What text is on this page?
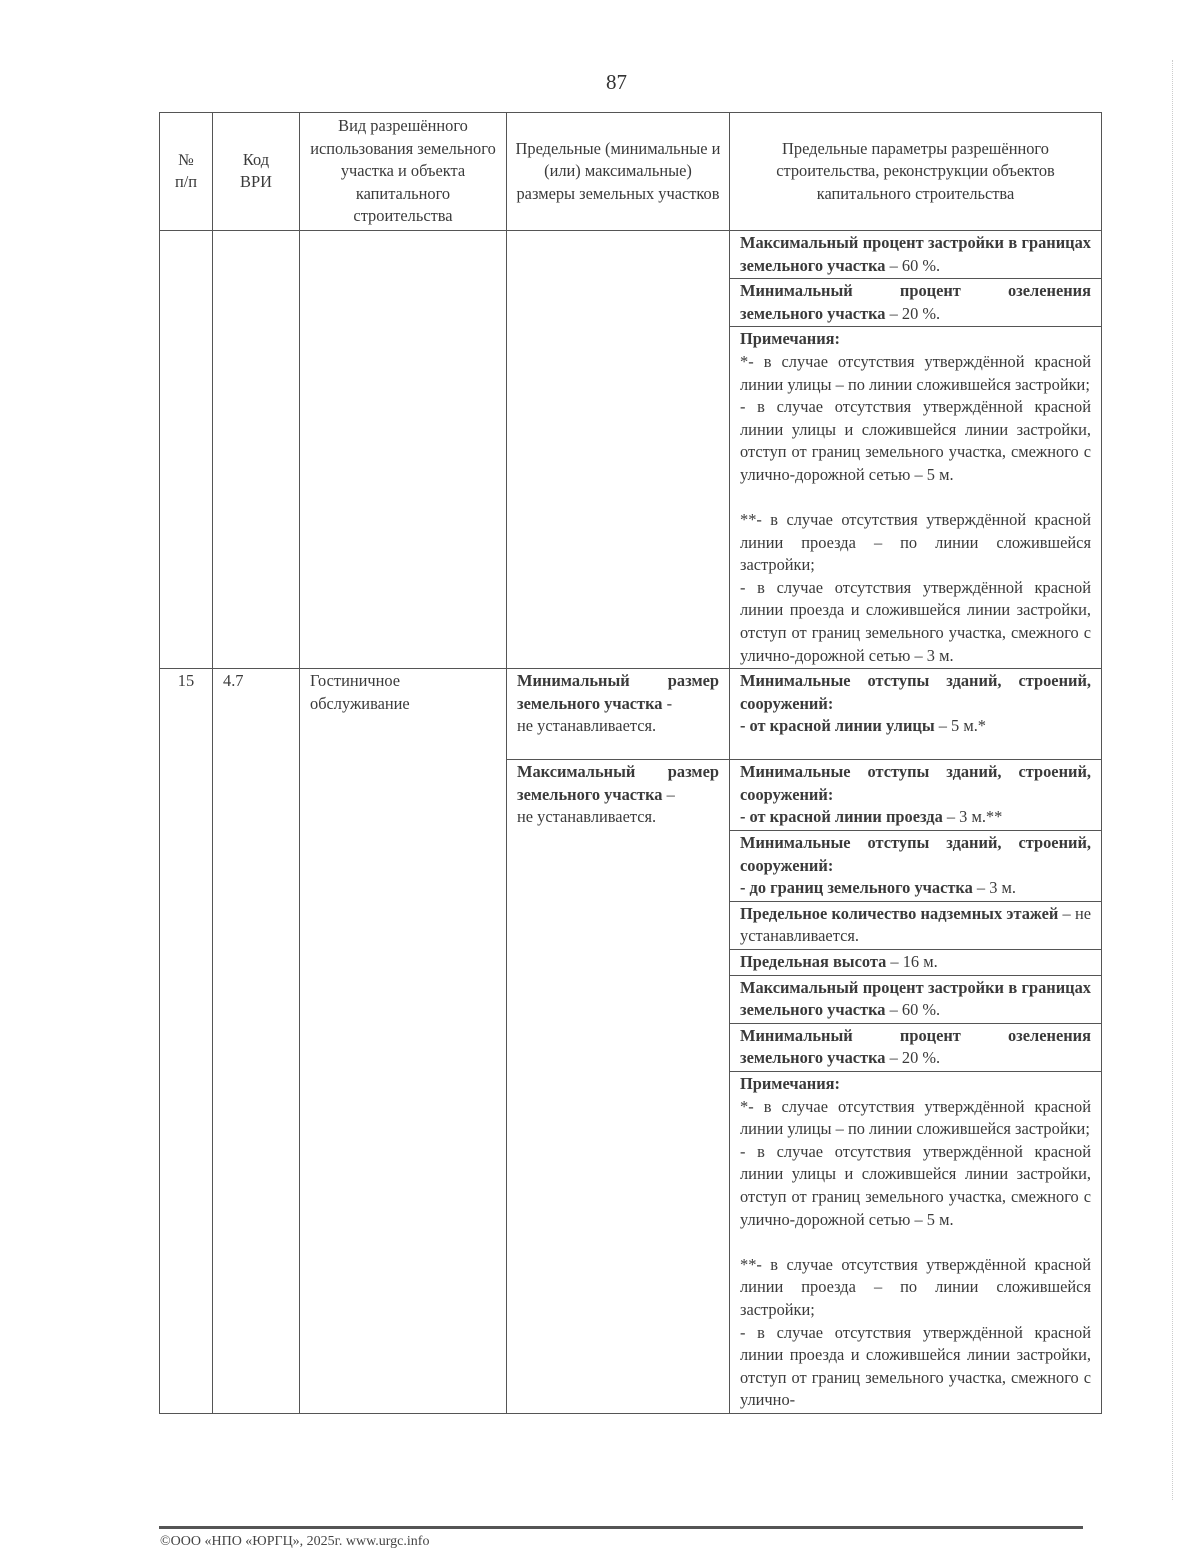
87
№ п/п	Код ВРИ	Вид разрешённого использования земельного участка и объекта капитального строительства	Предельные (минимальные и (или) максимальные) размеры земельных участков	Предельные параметры разрешённого строительства, реконструкции объектов капитального строительства
				Максимальный процент застройки в границах земельного участка – 60 %.
				Минимальный процент озеленения земельного участка – 20 %.

				Примечания:
*- в случае отсутствия утверждённой красной линии улицы – по линии сложившейся застройки;
- в случае отсутствия утверждённой красной линии улицы и сложившейся линии застройки, отступ от границ земельного участка, смежного с улично-дорожной сетью – 5 м.
**- в случае отсутствия утверждённой красной линии проезда – по линии сложившейся застройки;
- в случае отсутствия утверждённой красной линии проезда и сложившейся линии застройки, отступ от границ земельного участка, смежного с улично-дорожной сетью – 3 м.

15	4.7	Гостиничное обслуживание	Минимальный размер земельного участка -
не устанавливается.	Минимальные отступы зданий, строений, сооружений:
- от красной линии улицы – 5 м.*
			Максимальный размер земельного участка –
не устанавливается.	Минимальные отступы зданий, строений, сооружений:
- от красной линии проезда – 3 м.**
				Минимальные отступы зданий, строений, сооружений:
- до границ земельного участка – 3 м.
				Предельное количество надземных этажей – не устанавливается.
				Предельная высота – 16 м.
				Максимальный процент застройки в границах земельного участка – 60 %.
				Минимальный процент озеленения земельного участка – 20 %.

				Примечания:
*- в случае отсутствия утверждённой красной линии улицы – по линии сложившейся застройки;
- в случае отсутствия утверждённой красной линии улицы и сложившейся линии застройки, отступ от границ земельного участка, смежного с улично-дорожной сетью – 5 м.
**- в случае отсутствия утверждённой красной линии проезда – по линии сложившейся застройки;
- в случае отсутствия утверждённой красной линии проезда и сложившейся линии застройки, отступ от границ земельного участка, смежного с улично-

©ООО «НПО «ЮРГЦ», 2025г. www.urgc.info
